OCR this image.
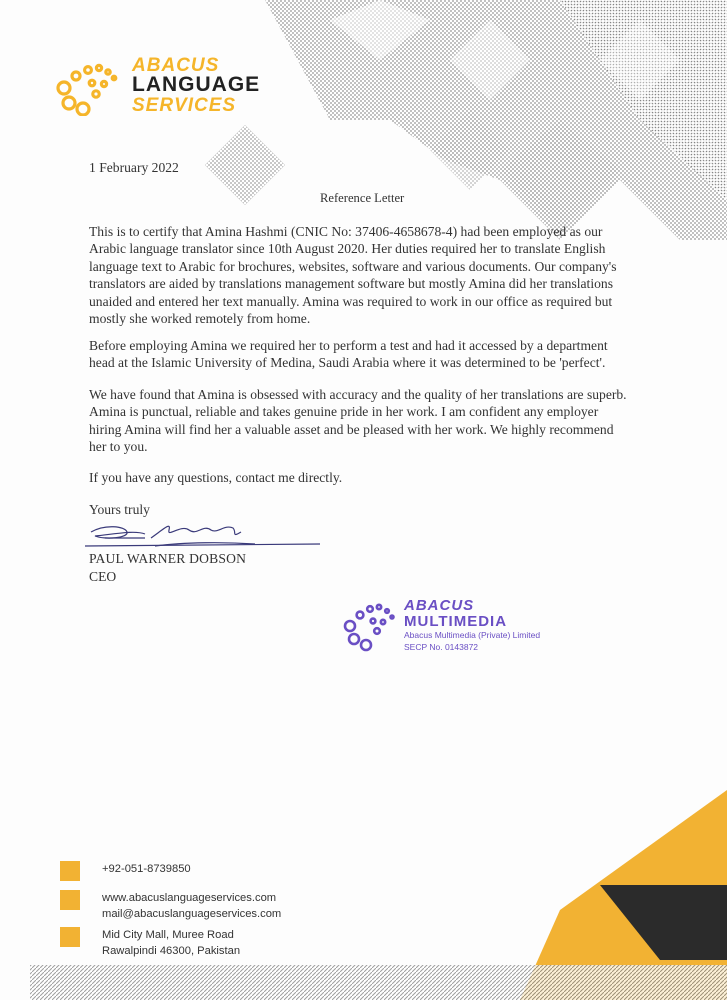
ABACUS
LANGUAGE
SERVICES
1 February 2022
Reference Letter
This is to certify that Amina Hashmi (CNIC No: 37406-4658678-4) had been employed as our Arabic language translator since 10th August 2020. Her duties required her to translate English language text to Arabic for brochures, websites, software and various documents. Our company's translators are aided by translations management software but mostly Amina did her translations unaided and entered her text manually. Amina was required to work in our office as required but mostly she worked remotely from home.
Before employing Amina we required her to perform a test and had it accessed by a department head at the Islamic University of Medina, Saudi Arabia where it was determined to be 'perfect'.
We have found that Amina is obsessed with accuracy and the quality of her translations are superb. Amina is punctual, reliable and takes genuine pride in her work. I am confident any employer hiring Amina will find her a valuable asset and be pleased with her work. We highly recommend her to you.
If you have any questions, contact me directly.
Yours truly
PAUL WARNER DOBSON
CEO
ABACUS
MULTIMEDIA
Abacus Multimedia (Private) Limited
SECP No. 0143872
+92-051-8739850
www.abacuslanguageservices.com
mail@abacuslanguageservices.com
Mid City Mall, Muree Road
Rawalpindi 46300, Pakistan
